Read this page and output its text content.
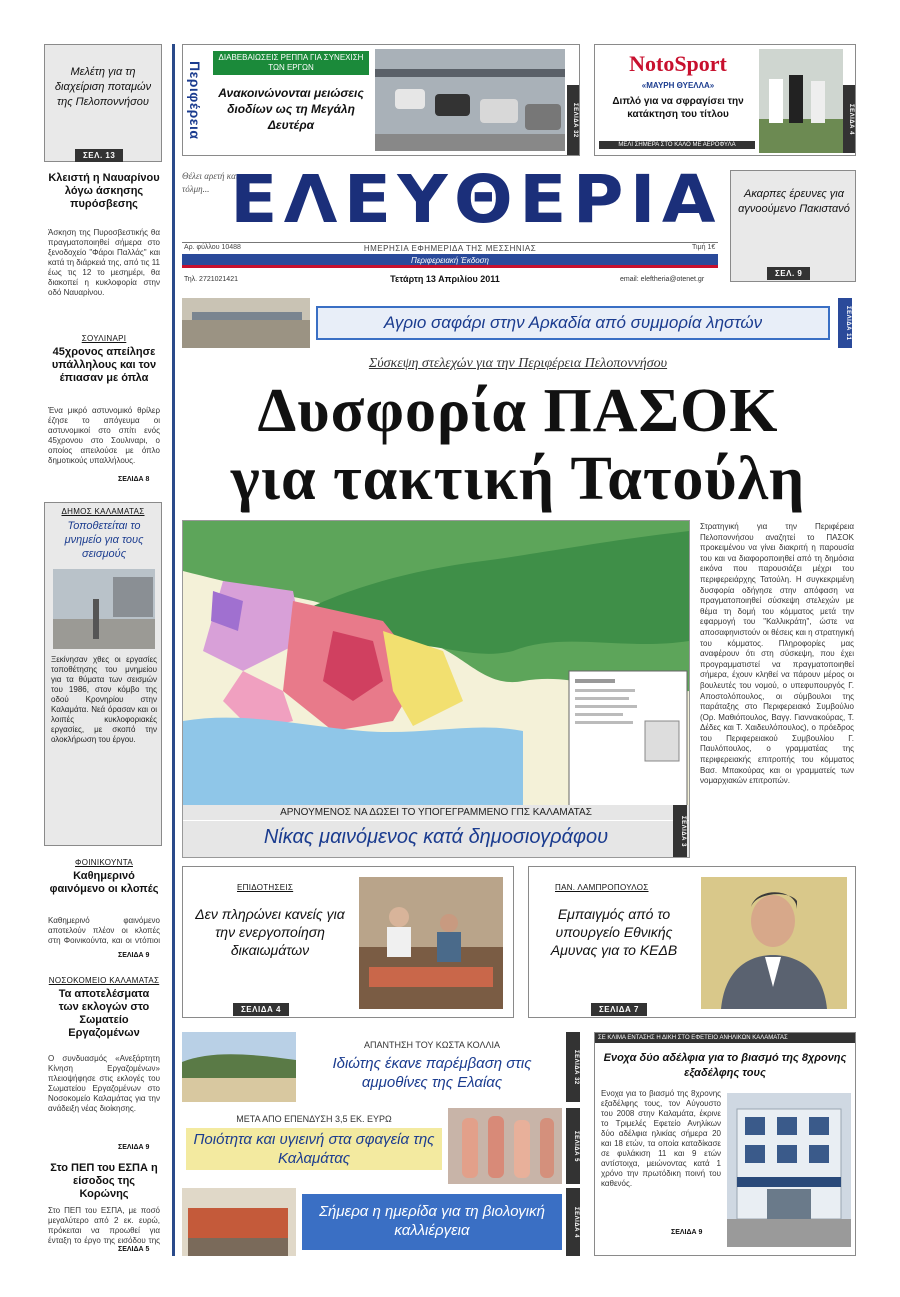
Μελέτη για τη διαχείριση ποταμών της Πελοποννήσου
ΣΕΛ. 13
Κλειστή η Ναυαρίνου λόγω άσκησης πυρόσβεσης
Άσκηση της Πυροσβεστικής θα πραγματοποιηθεί σήμερα στο ξενοδοχείο "Φάροι Παλλάς" και κατά τη διάρκειά της, από τις 11 έως τις 12 το μεσημέρι, θα διακοπεί η κυκλοφορία στην οδό Ναυαρίνου.
ΣΟΥΛΙΝΑΡΙ
45χρονος απείλησε υπάλληλους και τον έπιασαν με όπλα
Ένα μικρό αστυνομικό θρίλερ έζησε το απόγευμα οι αστυνομικοί στο σπίτι ενός 45χρονου στο Σουλιναρι, ο οποίος απειλούσε με όπλο δημοτικούς υπαλλήλους.
ΣΕΛΙΔΑ 8
ΔΗΜΟΣ ΚΑΛΑΜΑΤΑΣ
Τοποθετείται το μνημείο για τους σεισμούς
Ξεκίνησαν χθες οι εργασίες τοποθέτησης του μνημείου για τα θύματα των σεισμών του 1986, στον κόμβο της οδού Κρονηρίου στην Καλαμάτα. Νεά όρασαν και οι λοιπές κυκλοφοριακές εργασίες, με σκοπό την ολοκλήρωση του έργου.
ΦΟΙΝΙΚΟΥΝΤΑ
Καθημερινό φαινόμενο οι κλοπές
Καθημερινό φαινόμενο αποτελούν πλέον οι κλοπές στη Φοινικούντα, και οι ντόπιοι
ΣΕΛΙΔΑ 9
ΝΟΣΟΚΟΜΕΙΟ ΚΑΛΑΜΑΤΑΣ
Τα αποτελέσματα των εκλογών στο Σωματείο Εργαζομένων
Ο συνδυασμός «Ανεξάρτητη Κίνηση Εργαζομένων» πλειοψήφησε στις εκλογές του Σωματείου Εργαζομένων στο Νοσοκομείο Καλαμάτας για την ανάδειξη νέας διοίκησης.
ΣΕΛΙΔΑ 9
Στο ΠΕΠ του ΕΣΠΑ η είσοδος της Κορώνης
Στο ΠΕΠ του ΕΣΠΑ, με ποσό μεγαλύτερο από 2 εκ. ευρώ, πρόκειται να προωθεί για ένταξη το έργο της εισόδου της
ΣΕΛΙΔΑ 5
Περιφέρεια
ΔΙΑΒΕΒΑΙΩΣΕΙΣ ΡΕΠΠΑ ΓΙΑ ΣΥΝΕΧΙΣΗ ΤΩΝ ΕΡΓΩΝ
Ανακοινώνονται μειώσεις διοδίων ως τη Μεγάλη Δευτέρα	ΣΕΛΙΔΑ 32
NotoSport
«ΜΑΥΡΗ ΘΥΕΛΛΑ»
Διπλό για να σφραγίσει την κατάκτηση του τίτλου
ΜΕΛΙ ΣΗΜΕΡΑ ΣΤΟ ΚΑΛΟ ΜΕ ΑΕΡΟΦΥΛΑ
ΣΕΛΙΔΑ 4
Θέλει αρετή και τόλμη... ΕΛΕΥΘΕΡΙΑ
Αρ. φύλλου 10488	ΗΜΕΡΗΣΙΑ ΕΦΗΜΕΡΙΔΑ ΤΗΣ ΜΕΣΣΗΝΙΑΣ	Τιμή 1€
Περιφερειακή Έκδοση
Τηλ. 2721021421	Τετάρτη 13 Απριλίου 2011	email: eleftheria@otenet.gr
Ακαρπες έρευνες για αγνοούμενο Πακιστανό
ΣΕΛ. 9
Αγριο σαφάρι στην Αρκαδία από συμμορία ληστών	ΣΕΛΙΔΑ 11
Σύσκεψη στελεχών για την Περιφέρεια Πελοποννήσου
Δυσφορία ΠΑΣΟΚ
για τακτική Τατούλη
ΑΡΝΟΥΜΕΝΟΣ ΝΑ ΔΩΣΕΙ ΤΟ ΥΠΟΓΕΓΡΑΜΜΕΝΟ ΓΠΣ ΚΑΛΑΜΑΤΑΣ
Νίκας μαινόμενος κατά δημοσιογράφου	ΣΕΛΙΔΑ 3
Στρατηγική για την Περιφέρεια Πελοποννήσου αναζητεί το ΠΑΣΟΚ προκειμένου να γίνει διακριτή η παρουσία του και να διαφοροποιηθεί από τη δημόσια εικόνα που παρουσιάζει μέχρι του περιφερειάρχης Τατούλη. Η συγκεκριμένη δυσφορία οδήγησε στην απόφαση να πραγματοποιηθεί σύσκεψη στελεχών με θέμα τη δομή του κόμματος μετά την εφαρμογή του "Καλλικράτη", ώστε να αποσαφηνιστούν οι θέσεις και η στρατηγική του κόμματος. Πληροφορίες μας αναφέρουν ότι στη σύσκεψη, που έχει προγραμματιστεί να πραγματοποιηθεί σήμερα, έχουν κληθεί να πάρουν μέρος οι βουλευτές του νομού, ο υπεφυπουργός Γ. Αποστολόπουλος, οι σύμβουλοι της παράταξης στο Περιφερειακό Συμβούλιο (Ορ. Μαθιόπουλος, Βαγγ. Γιαννακούρας, Τ. Δέδες και Τ. Χαιδευλόπουλος), ο πρόεδρος του Περιφερειακού Συμβουλίου Γ. Παυλόπουλος, ο γραμματέας της περιφερειακής επιτροπής του κόμματος Βασ. Μπακούρας και οι γραμματείς των νομαρχιακών επιτροπών.
ΕΠΙΔΟΤΗΣΕΙΣ
Δεν πληρώνει κανείς για την ενεργοποίηση δικαιωμάτων
ΣΕΛΙΔΑ 4
ΠΑΝ. ΛΑΜΠΡΟΠΟΥΛΟΣ
Εμπαιγμός από το υπουργείο Εθνικής Αμυνας για το ΚΕΔΒ
ΣΕΛΙΔΑ 7
ΑΠΑΝΤΗΣΗ ΤΟΥ ΚΩΣΤΑ ΚΟΛΛΙΑ
Ιδιώτης έκανε παρέμβαση στις αμμοθίνες της Ελαίας	ΣΕΛΙΔΑ 32
ΜΕΤΑ ΑΠΟ ΕΠΕΝΔΥΣΗ 3,5 ΕΚ. ΕΥΡΩ
Ποιότητα και υγιεινή στα σφαγεία της Καλαμάτας	ΣΕΛΙΔΑ 5
Σήμερα η ημερίδα για τη βιολογική καλλιέργεια	ΣΕΛΙΔΑ 4
ΣΕ ΚΛΙΜΑ ΕΝΤΑΣΗΣ Η ΔΙΚΗ ΣΤΟ ΕΦΕΤΕΙΟ ΑΝΗΛΙΚΩΝ ΚΑΛΑΜΑΤΑΣ
Ενοχα δύο αδέλφια για το βιασμό της 8χρονης εξαδέλφης τους
Ενοχα για το βιασμό της 8χρονης εξαδέλφης τους, τον Αύγουστο του 2008 στην Καλαμάτα, έκρινε το Τριμελές Εφετείο Ανηλίκων δύο αδέλφια ηλικίας σήμερα 20 και 18 ετών, τα οποία καταδίκασε σε φυλάκιση 11 και 9 ετών αντίστοιχα, μειώνοντας κατά 1 χρόνο την πρωτόδικη ποινή του καθενός.
ΣΕΛΙΔΑ 9
